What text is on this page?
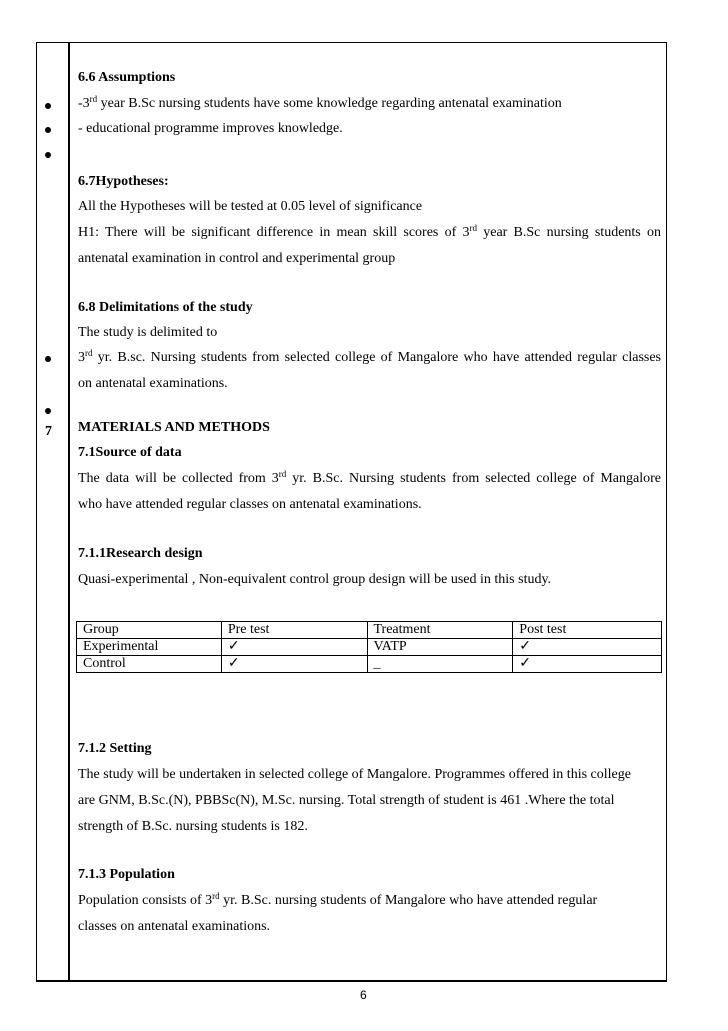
7
6.6 Assumptions
-3rd year B.Sc nursing students have some knowledge regarding antenatal examination
- educational programme improves knowledge.
6.7Hypotheses:
All the Hypotheses will be tested at 0.05 level of significance
H1: There will be significant difference in mean skill scores of 3rd year B.Sc nursing students on
antenatal examination in control and experimental group
6.8 Delimitations of the study
The study is delimited to
3rd yr. B.sc. Nursing students from selected college of Mangalore who have attended regular classes
on antenatal examinations.
MATERIALS AND METHODS
7.1Source of data
The data will be collected from 3rd yr. B.Sc. Nursing students from selected college of Mangalore
who have attended regular classes on antenatal examinations.
7.1.1Research design
Quasi-experimental , Non-equivalent control group design will be used in this study.
Group	Pre test	Treatment	Post test
Experimental	✓	VATP	✓
Control	✓	_	✓
7.1.2 Setting
The study will be undertaken in selected college of Mangalore. Programmes offered in this college
are GNM, B.Sc.(N), PBBSc(N), M.Sc. nursing. Total strength of student is 461 .Where the total
strength of B.Sc. nursing students is 182.
7.1.3 Population
Population consists of 3rd yr. B.Sc. nursing students of Mangalore who have attended regular
classes on antenatal examinations.
6
